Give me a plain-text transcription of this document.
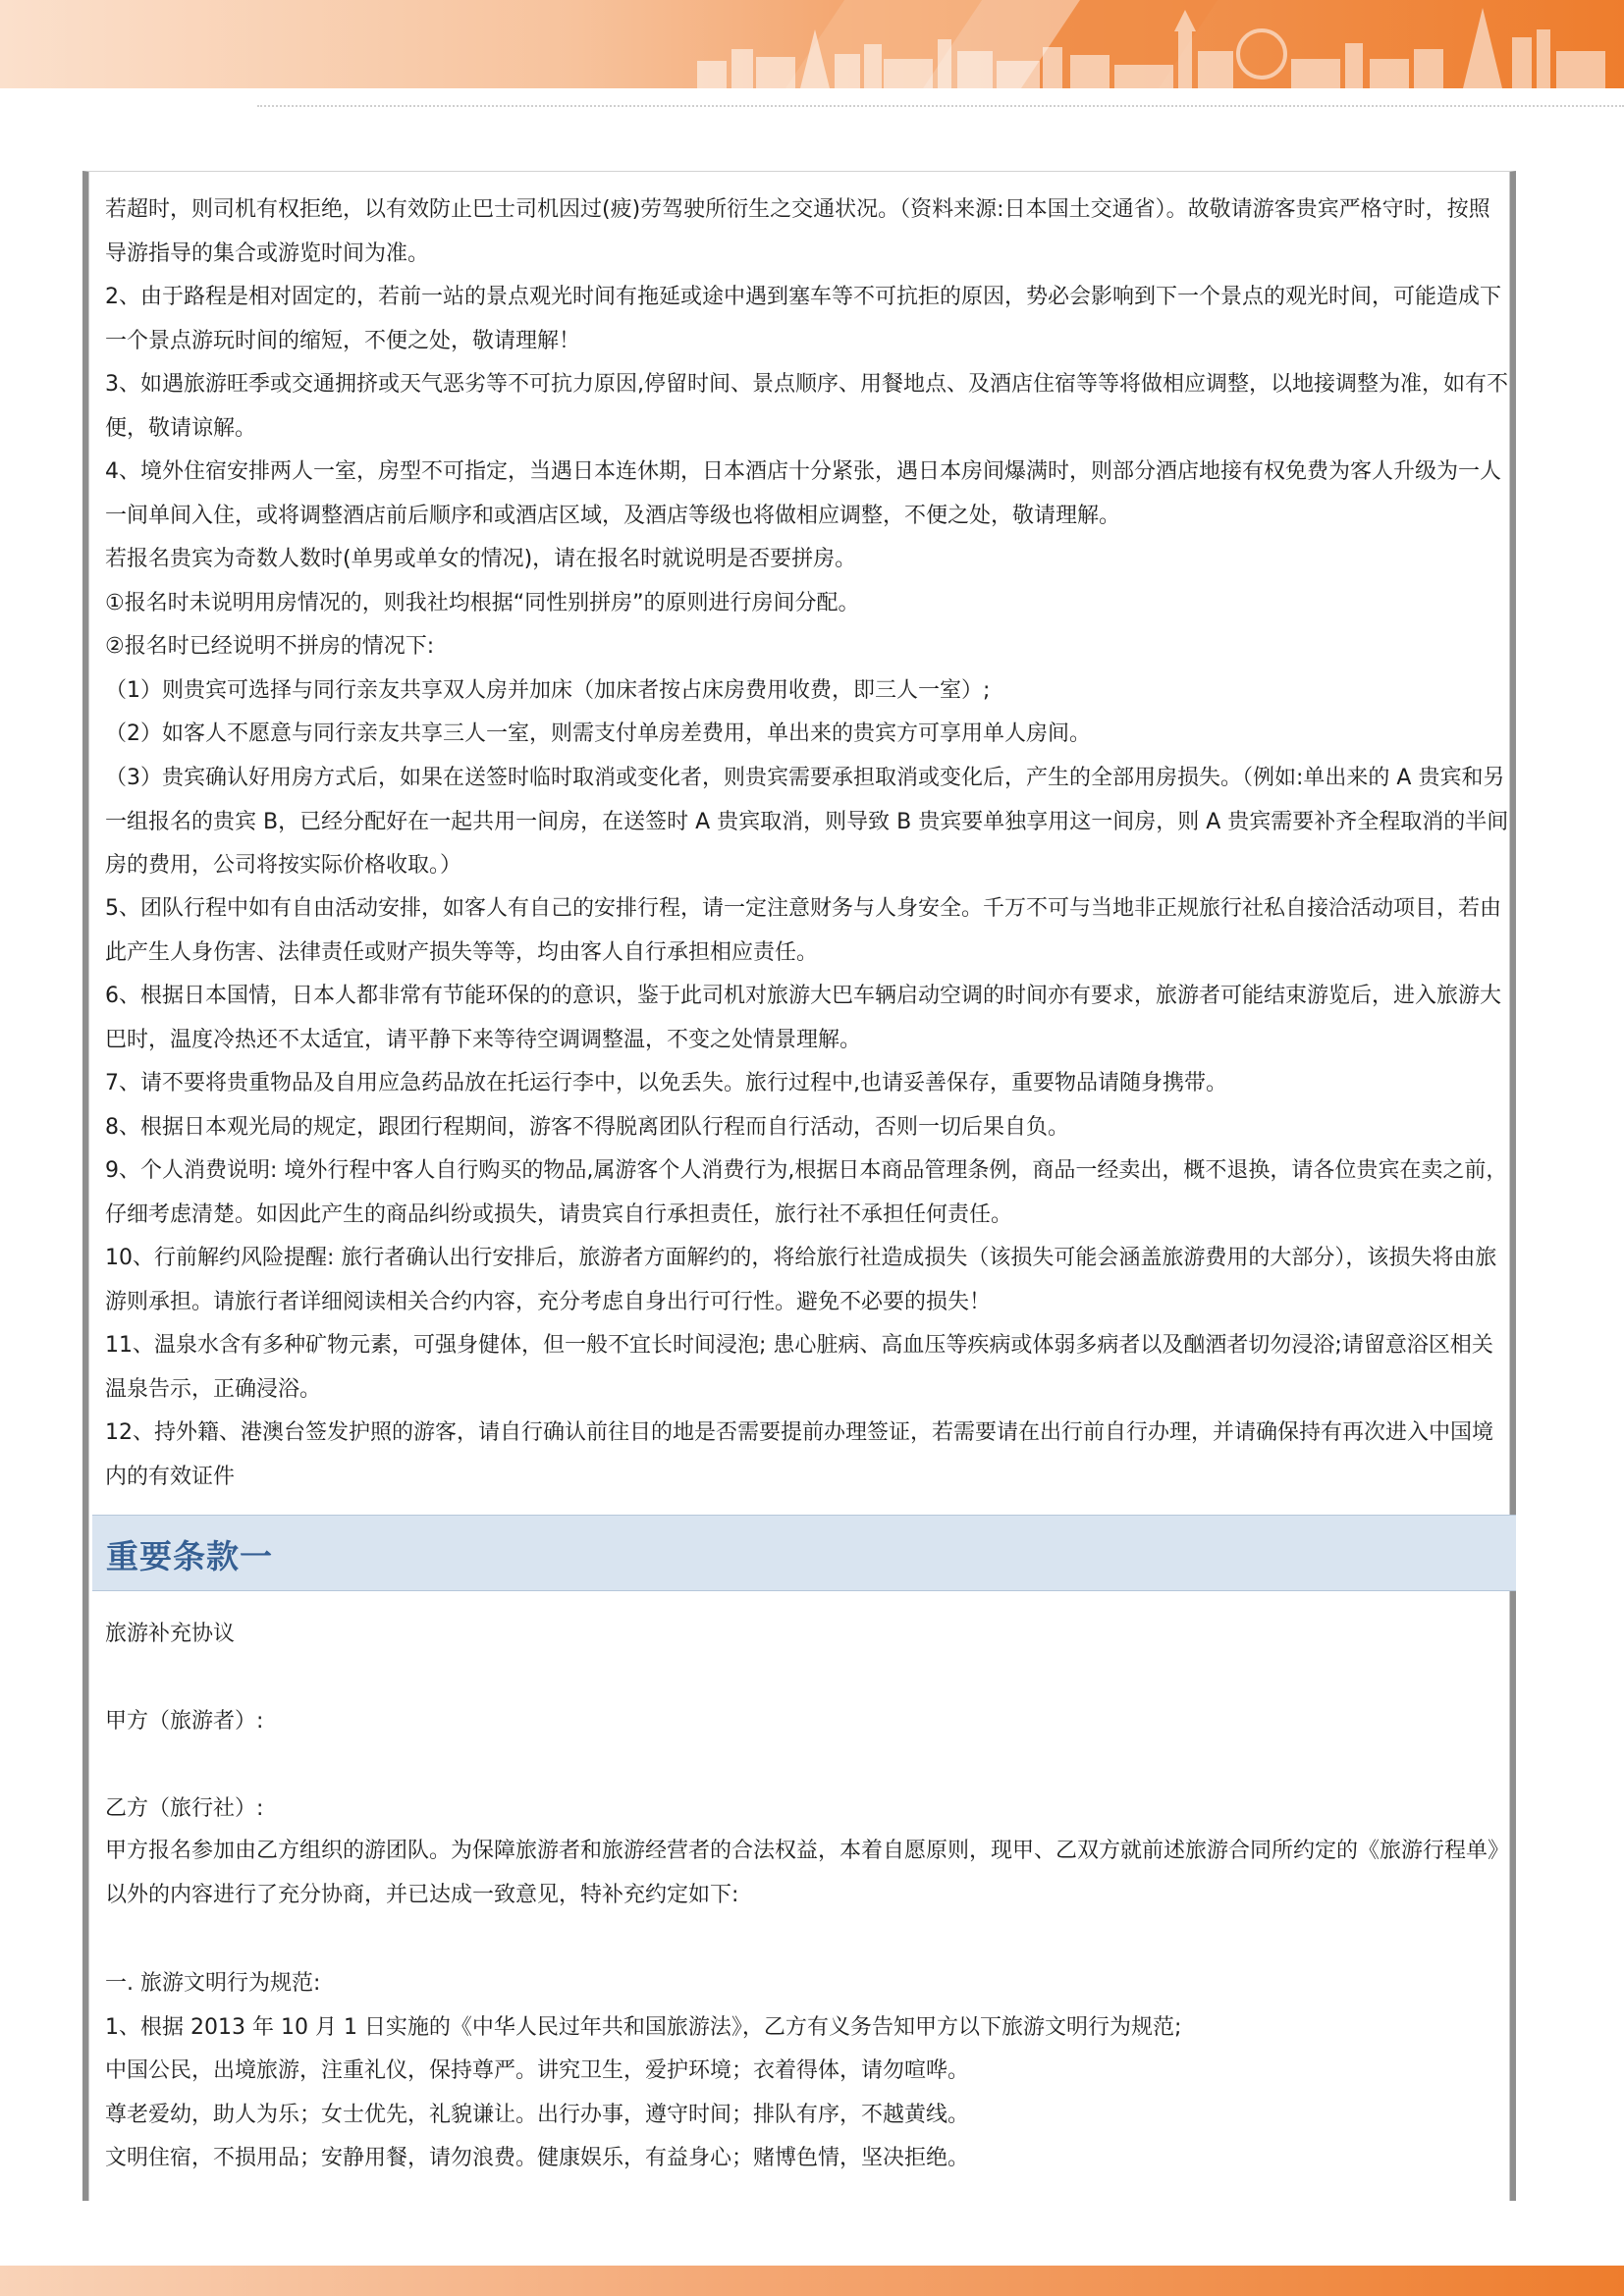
若超时，则司机有权拒绝，以有效防止巴士司机因过(疲)劳驾驶所衍生之交通状况。（资料来源:日本国土交通省）。故敬请游客贵宾严格守时，按照导游指导的集合或游览时间为准。

2、由于路程是相对固定的，若前一站的景点观光时间有拖延或途中遇到塞车等不可抗拒的原因，势必会影响到下一个景点的观光时间，可能造成下一个景点游玩时间的缩短，不便之处，敬请理解！

3、如遇旅游旺季或交通拥挤或天气恶劣等不可抗力原因,停留时间、景点顺序、用餐地点、及酒店住宿等等将做相应调整，以地接调整为准，如有不便，敬请谅解。

4、境外住宿安排两人一室，房型不可指定，当遇日本连休期，日本酒店十分紧张，遇日本房间爆满时，则部分酒店地接有权免费为客人升级为一人一间单间入住，或将调整酒店前后顺序和或酒店区域，及酒店等级也将做相应调整，不便之处，敬请理解。

若报名贵宾为奇数人数时(单男或单女的情况)，请在报名时就说明是否要拼房。

①报名时未说明用房情况的，则我社均根据“同性别拼房”的原则进行房间分配。

②报名时已经说明不拼房的情况下:

（1）则贵宾可选择与同行亲友共享双人房并加床（加床者按占床房费用收费，即三人一室）;

（2）如客人不愿意与同行亲友共享三人一室，则需支付单房差费用，单出来的贵宾方可享用单人房间。

（3）贵宾确认好用房方式后，如果在送签时临时取消或变化者，则贵宾需要承担取消或变化后，产生的全部用房损失。（例如:单出来的 A 贵宾和另一组报名的贵宾 B，已经分配好在一起共用一间房，在送签时 A 贵宾取消，则导致 B 贵宾要单独享用这一间房，则 A 贵宾需要补齐全程取消的半间房的费用，公司将按实际价格收取。）

5、团队行程中如有自由活动安排，如客人有自己的安排行程，请一定注意财务与人身安全。千万不可与当地非正规旅行社私自接洽活动项目，若由此产生人身伤害、法律责任或财产损失等等，均由客人自行承担相应责任。

6、根据日本国情，日本人都非常有节能环保的的意识，鉴于此司机对旅游大巴车辆启动空调的时间亦有要求，旅游者可能结束游览后，进入旅游大巴时，温度冷热还不太适宜，请平静下来等待空调调整温，不变之处情景理解。

7、请不要将贵重物品及自用应急药品放在托运行李中，以免丢失。旅行过程中,也请妥善保存，重要物品请随身携带。

8、根据日本观光局的规定，跟团行程期间，游客不得脱离团队行程而自行活动，否则一切后果自负。

9、个人消费说明: 境外行程中客人自行购买的物品,属游客个人消费行为,根据日本商品管理条例，商品一经卖出，概不退换，请各位贵宾在卖之前，仔细考虑清楚。如因此产生的商品纠纷或损失，请贵宾自行承担责任，旅行社不承担任何责任。

10、行前解约风险提醒: 旅行者确认出行安排后，旅游者方面解约的，将给旅行社造成损失（该损失可能会涵盖旅游费用的大部分），该损失将由旅游则承担。请旅行者详细阅读相关合约内容，充分考虑自身出行可行性。避免不必要的损失！

11、温泉水含有多种矿物元素，可强身健体，但一般不宜长时间浸泡; 患心脏病、高血压等疾病或体弱多病者以及酗酒者切勿浸浴;请留意浴区相关温泉告示，正确浸浴。

12、持外籍、港澳台签发护照的游客，请自行确认前往目的地是否需要提前办理签证，若需要请在出行前自行办理，并请确保持有再次进入中国境内的有效证件

重要条款一
旅游补充协议
甲方（旅游者）:
乙方（旅行社）:

甲方报名参加由乙方组织的游团队。为保障旅游者和旅游经营者的合法权益，本着自愿原则，现甲、乙双方就前述旅游合同所约定的《旅游行程单》以外的内容进行了充分协商，并已达成一致意见，特补充约定如下:

一. 旅游文明行为规范:
1、根据 2013 年 10 月 1 日实施的《中华人民过年共和国旅游法》，乙方有义务告知甲方以下旅游文明行为规范;
中国公民，出境旅游，注重礼仪，保持尊严。讲究卫生，爱护环境；衣着得体，请勿喧哗。
尊老爱幼，助人为乐；女士优先，礼貌谦让。出行办事，遵守时间；排队有序，不越黄线。
文明住宿，不损用品；安静用餐，请勿浪费。健康娱乐，有益身心；赌博色情，坚决拒绝。
